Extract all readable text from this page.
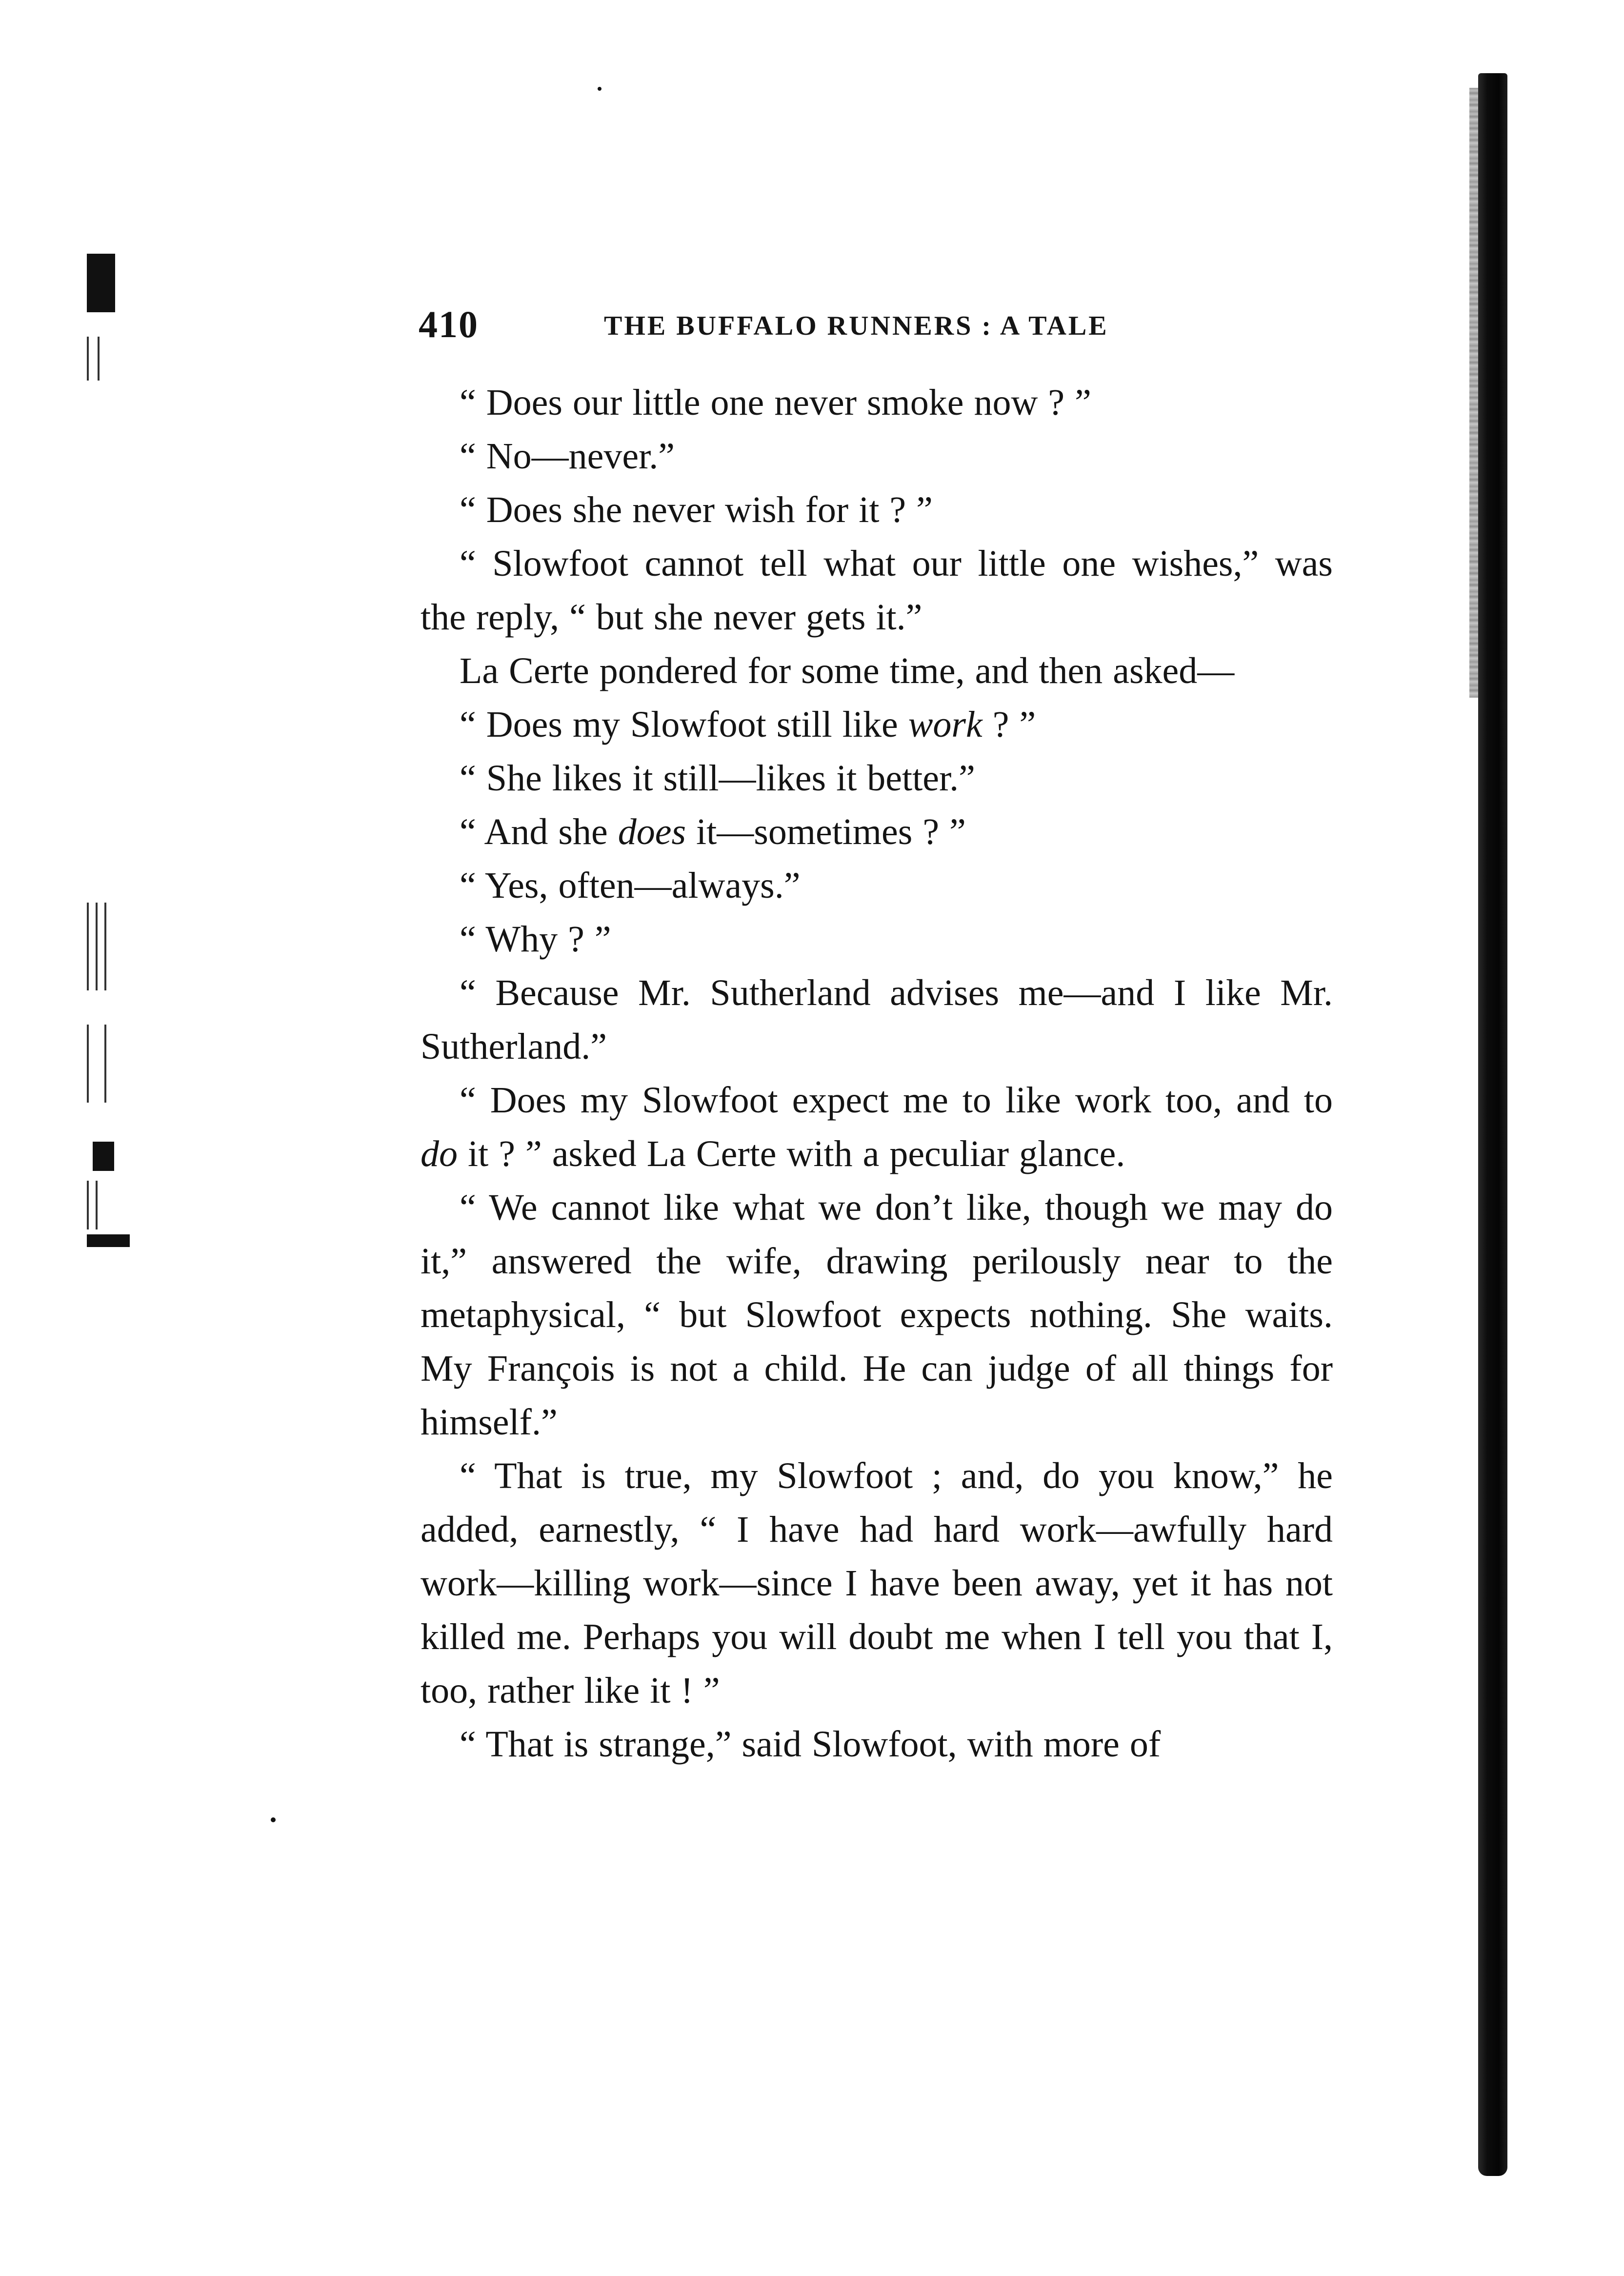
410	THE BUFFALO RUNNERS : A TALE

“ Does our little one never smoke now ? ”

“ No—never.”

“ Does she never wish for it ? ”

“ Slowfoot cannot tell what our little one wishes,” was the reply, “ but she never gets it.”

La Certe pondered for some time, and then asked—

“ Does my Slowfoot still like work ? ”

“ She likes it still—likes it better.”

“ And she does it—sometimes ? ”

“ Yes, often—always.”

“ Why ? ”

“ Because Mr. Sutherland advises me—and I like Mr. Sutherland.”

“ Does my Slowfoot expect me to like work too, and to do it ? ” asked La Certe with a peculiar glance.

“ We cannot like what we don’t like, though we may do it,” answered the wife, drawing perilously near to the metaphysical, “ but Slowfoot expects nothing. She waits. My François is not a child. He can judge of all things for himself.”

“ That is true, my Slowfoot ; and, do you know,” he added, earnestly, “ I have had hard work—awfully hard work—killing work—since I have been away, yet it has not killed me. Perhaps you will doubt me when I tell you that I, too, rather like it ! ”

“ That is strange,” said Slowfoot, with more of
